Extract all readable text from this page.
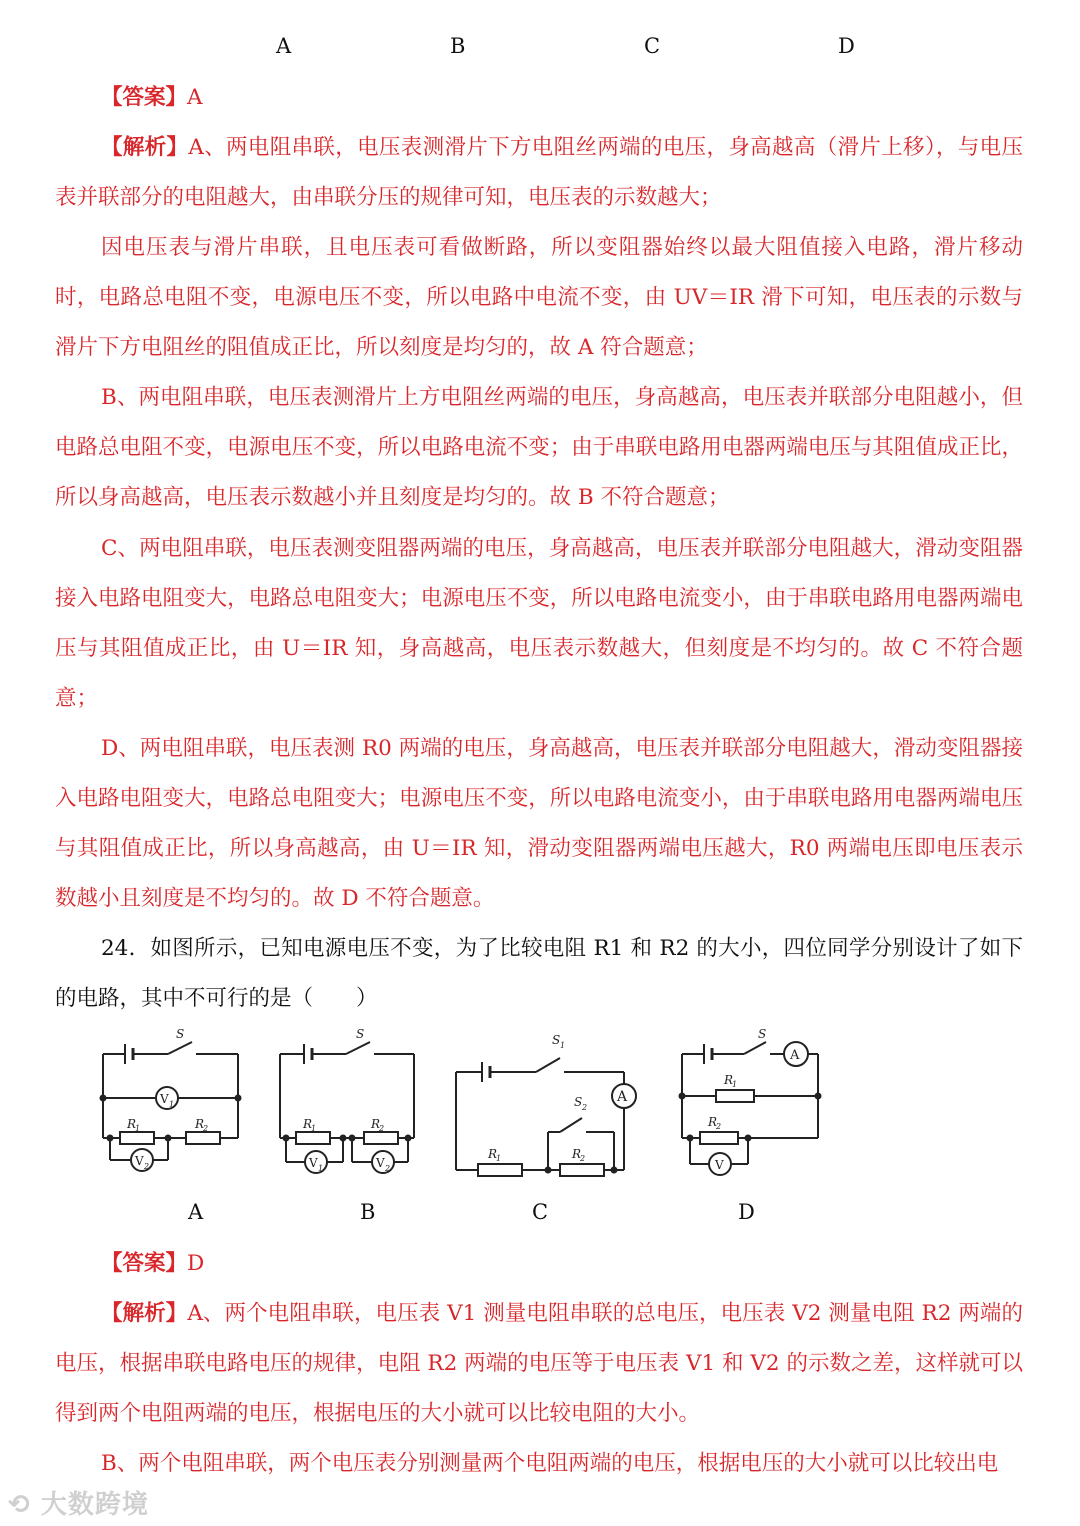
A	B	C	D
【答案】A
【解析】A、两电阻串联，电压表测滑片下方电阻丝两端的电压，身高越高（滑片上移），与电压表并联部分的电阻越大，由串联分压的规律可知，电压表的示数越大；
因电压表与滑片串联，且电压表可看做断路，所以变阻器始终以最大阻值接入电路，滑片移动时，电路总电阻不变，电源电压不变，所以电路中电流不变，由 UV＝IR 滑下可知，电压表的示数与滑片下方电阻丝的阻值成正比，所以刻度是均匀的，故 A 符合题意；
B、两电阻串联，电压表测滑片上方电阻丝两端的电压，身高越高，电压表并联部分电阻越小，但电路总电阻不变，电源电压不变，所以电路电流不变；由于串联电路用电器两端电压与其阻值成正比，所以身高越高，电压表示数越小并且刻度是均匀的。故 B 不符合题意；
C、两电阻串联，电压表测变阻器两端的电压，身高越高，电压表并联部分电阻越大，滑动变阻器接入电路电阻变大，电路总电阻变大；电源电压不变，所以电路电流变小，由于串联电路用电器两端电压与其阻值成正比，由 U＝IR 知，身高越高，电压表示数越大，但刻度是不均匀的。故 C 不符合题意；
D、两电阻串联，电压表测 R0 两端的电压，身高越高，电压表并联部分电阻越大，滑动变阻器接入电路电阻变大，电路总电阻变大；电源电压不变，所以电路电流变小，由于串联电路用电器两端电压与其阻值成正比，所以身高越高，由 U＝IR 知，滑动变阻器两端电压越大，R0 两端电压即电压表示数越小且刻度是不均匀的。故 D 不符合题意。
24．如图所示，已知电源电压不变，为了比较电阻 R1 和 R2 的大小，四位同学分别设计了如下的电路，其中不可行的是（　　）
S
V 1
R
1	R
2
V 2
S
R
1	R
2
V 1	V 2
S 1
S 2
A
R
1	R
2
S
A
R
1
R
2
V
A	B	C	D
【答案】D
【解析】A、两个电阻串联，电压表 V1 测量电阻串联的总电压，电压表 V2 测量电阻 R2 两端的电压，根据串联电路电压的规律，电阻 R2 两端的电压等于电压表 V1 和 V2 的示数之差，这样就可以得到两个电阻两端的电压，根据电压的大小就可以比较电阻的大小。
B、两个电阻串联，两个电压表分别测量两个电阻两端的电压，根据电压的大小就可以比较出电
⟲ 大数跨境
